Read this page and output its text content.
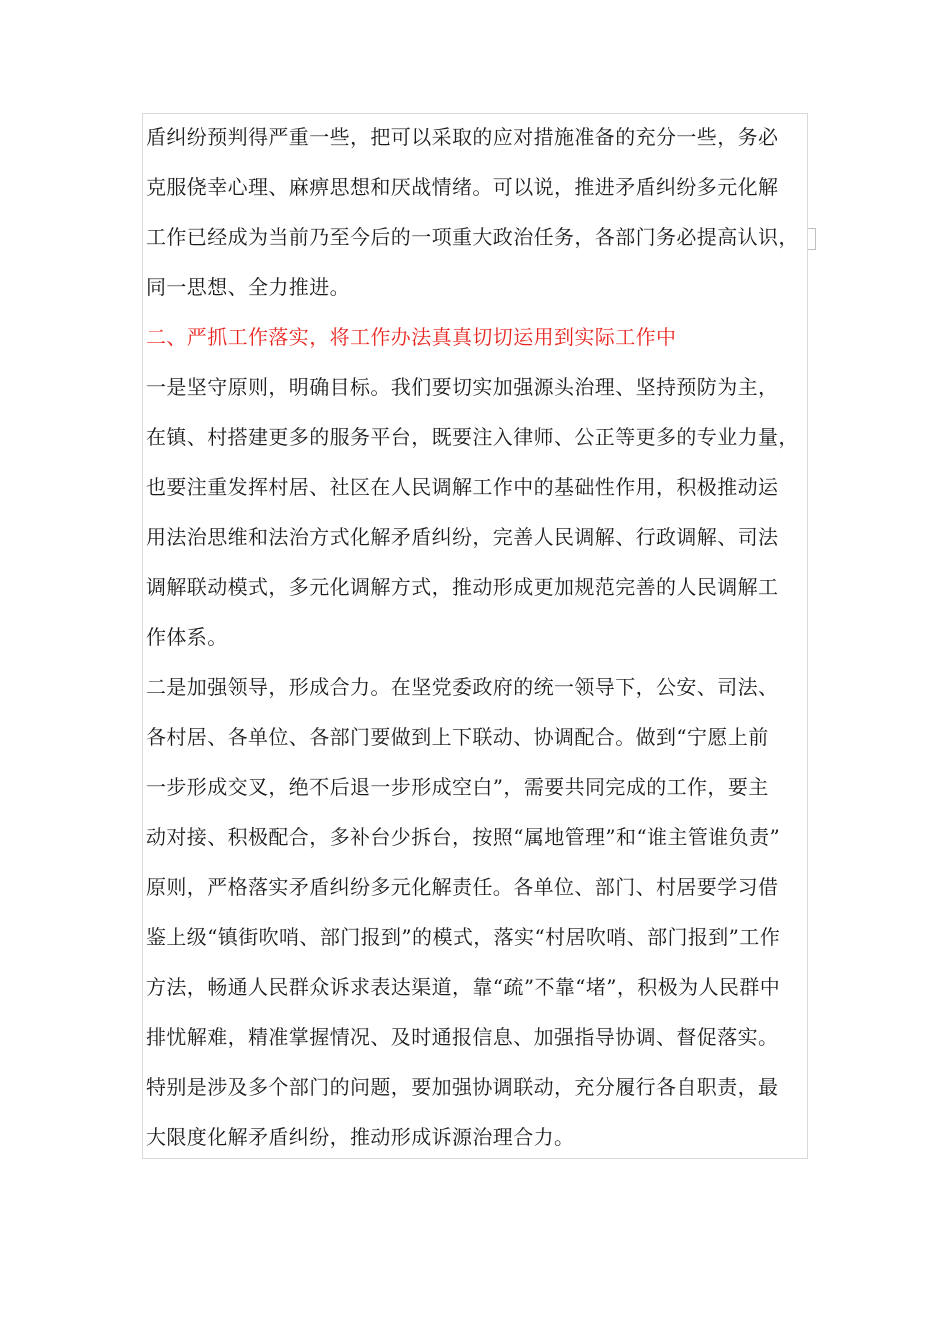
盾纠纷预判得严重一些，把可以采取的应对措施准备的充分一些，务必
克服侥幸心理、麻痹思想和厌战情绪。可以说，推进矛盾纠纷多元化解
工作已经成为当前乃至今后的一项重大政治任务，各部门务必提高认识，
同一思想、全力推进。
二、严抓工作落实，将工作办法真真切切运用到实际工作中
一是坚守原则，明确目标。我们要切实加强源头治理、坚持预防为主，
在镇、村搭建更多的服务平台，既要注入律师、公正等更多的专业力量，
也要注重发挥村居、社区在人民调解工作中的基础性作用，积极推动运
用法治思维和法治方式化解矛盾纠纷，完善人民调解、行政调解、司法
调解联动模式，多元化调解方式，推动形成更加规范完善的人民调解工
作体系。
二是加强领导，形成合力。在坚党委政府的统一领导下，公安、司法、
各村居、各单位、各部门要做到上下联动、协调配合。做到“宁愿上前
一步形成交叉，绝不后退一步形成空白”，需要共同完成的工作，要主
动对接、积极配合，多补台少拆台，按照“属地管理”和“谁主管谁负责”
原则，严格落实矛盾纠纷多元化解责任。各单位、部门、村居要学习借
鉴上级“镇街吹哨、部门报到”的模式，落实“村居吹哨、部门报到”工作
方法，畅通人民群众诉求表达渠道，靠“疏”不靠“堵”，积极为人民群中
排忧解难，精准掌握情况、及时通报信息、加强指导协调、督促落实。
特别是涉及多个部门的问题，要加强协调联动，充分履行各自职责，最
大限度化解矛盾纠纷，推动形成诉源治理合力。
